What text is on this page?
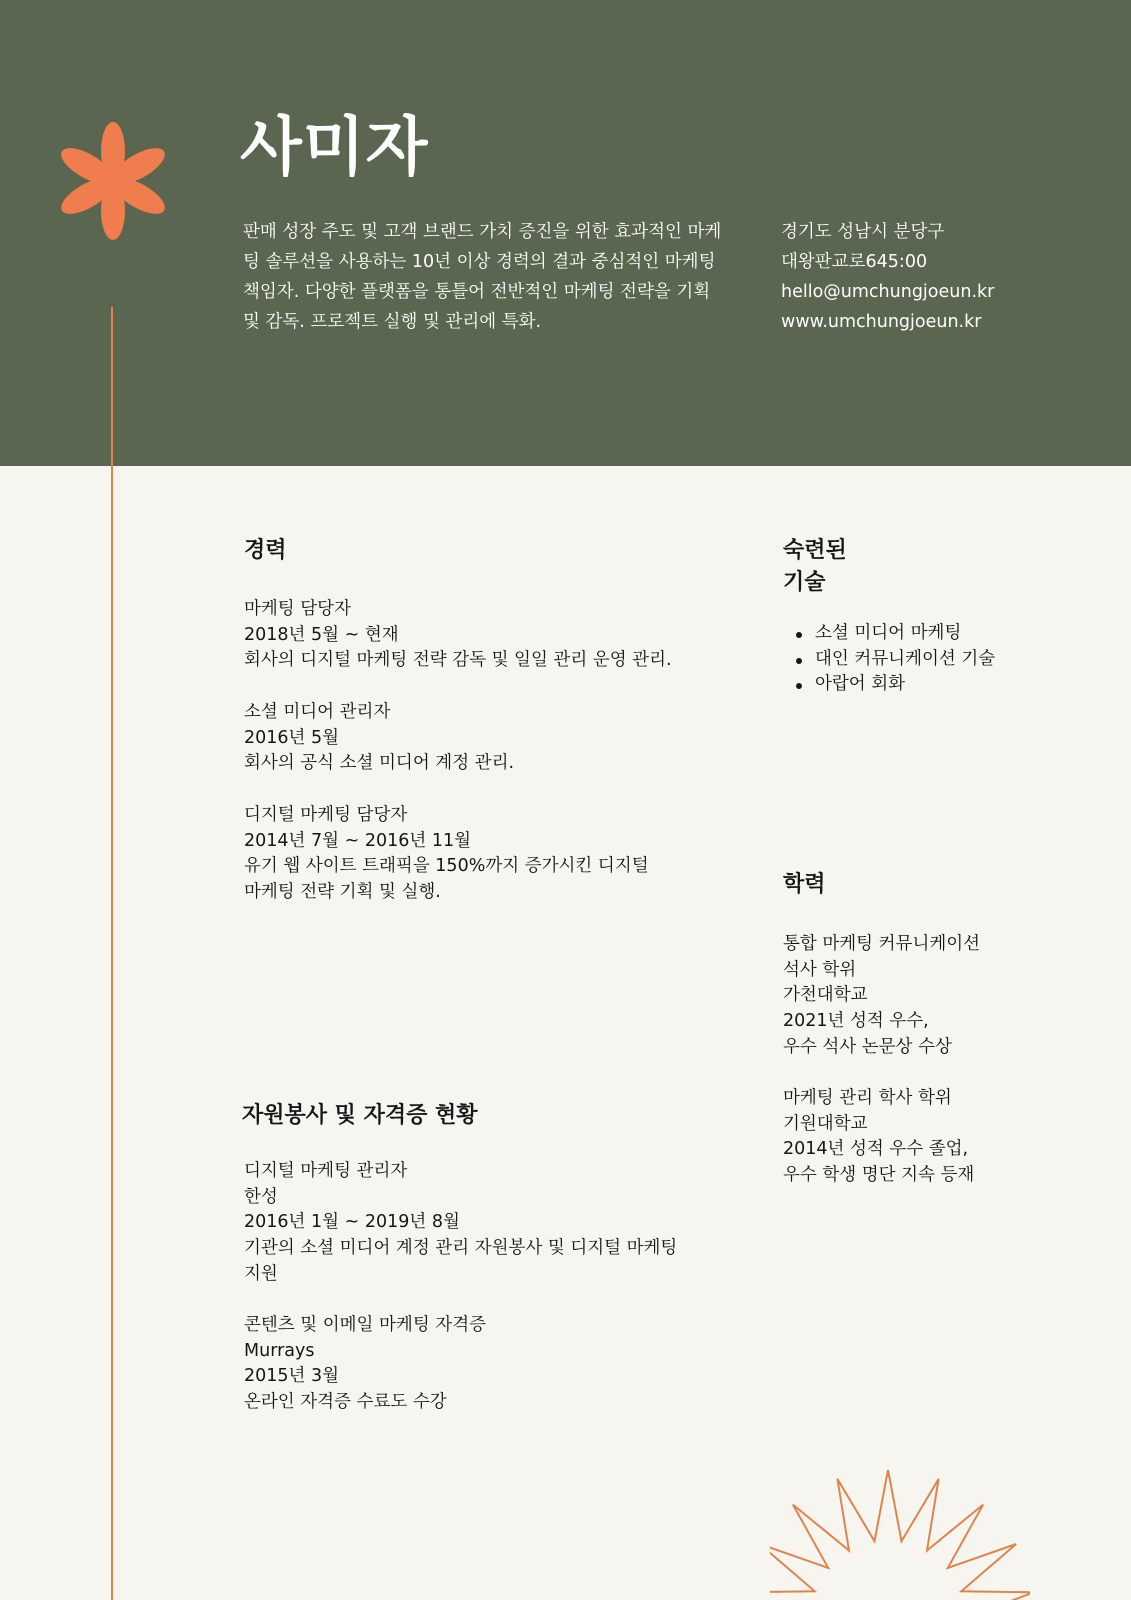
사미자

판매 성장 주도 및 고객 브랜드 가치 증진을 위한 효과적인 마케팅 솔루션을 사용하는 10년 이상 경력의 결과 중심적인 마케팅 책임자. 다양한 플랫폼을 통틀어 전반적인 마케팅 전략을 기획 및 감독. 프로젝트 실행 및 관리에 특화.

경기도 성남시 분당구
대왕판교로645:00
hello@umchungjoeun.kr
www.umchungjoeun.kr
경력
마케팅 담당자
2018년 5월 ~ 현재
회사의 디지털 마케팅 전략 감독 및 일일 관리 운영 관리.
소셜 미디어 관리자
2016년 5월
회사의 공식 소셜 미디어 계정 관리.
디지털 마케팅 담당자
2014년 7월 ~ 2016년 11월
유기 웹 사이트 트래픽을 150%까지 증가시킨 디지털 마케팅 전략 기획 및 실행.
자원봉사 및 자격증 현황
디지털 마케팅 관리자
한성
2016년 1월 ~ 2019년 8월
기관의 소셜 미디어 계정 관리 자원봉사 및 디지털 마케팅 지원
콘텐츠 및 이메일 마케팅 자격증
Murrays
2015년 3월
온라인 자격증 수료도 수강
숙련된
기술
소셜 미디어 마케팅
대인 커뮤니케이션 기술
아랍어 회화
학력
통합 마케팅 커뮤니케이션
석사 학위
가천대학교
2021년 성적 우수,
우수 석사 논문상 수상
마케팅 관리 학사 학위
기원대학교
2014년 성적 우수 졸업,
우수 학생 명단 지속 등재
